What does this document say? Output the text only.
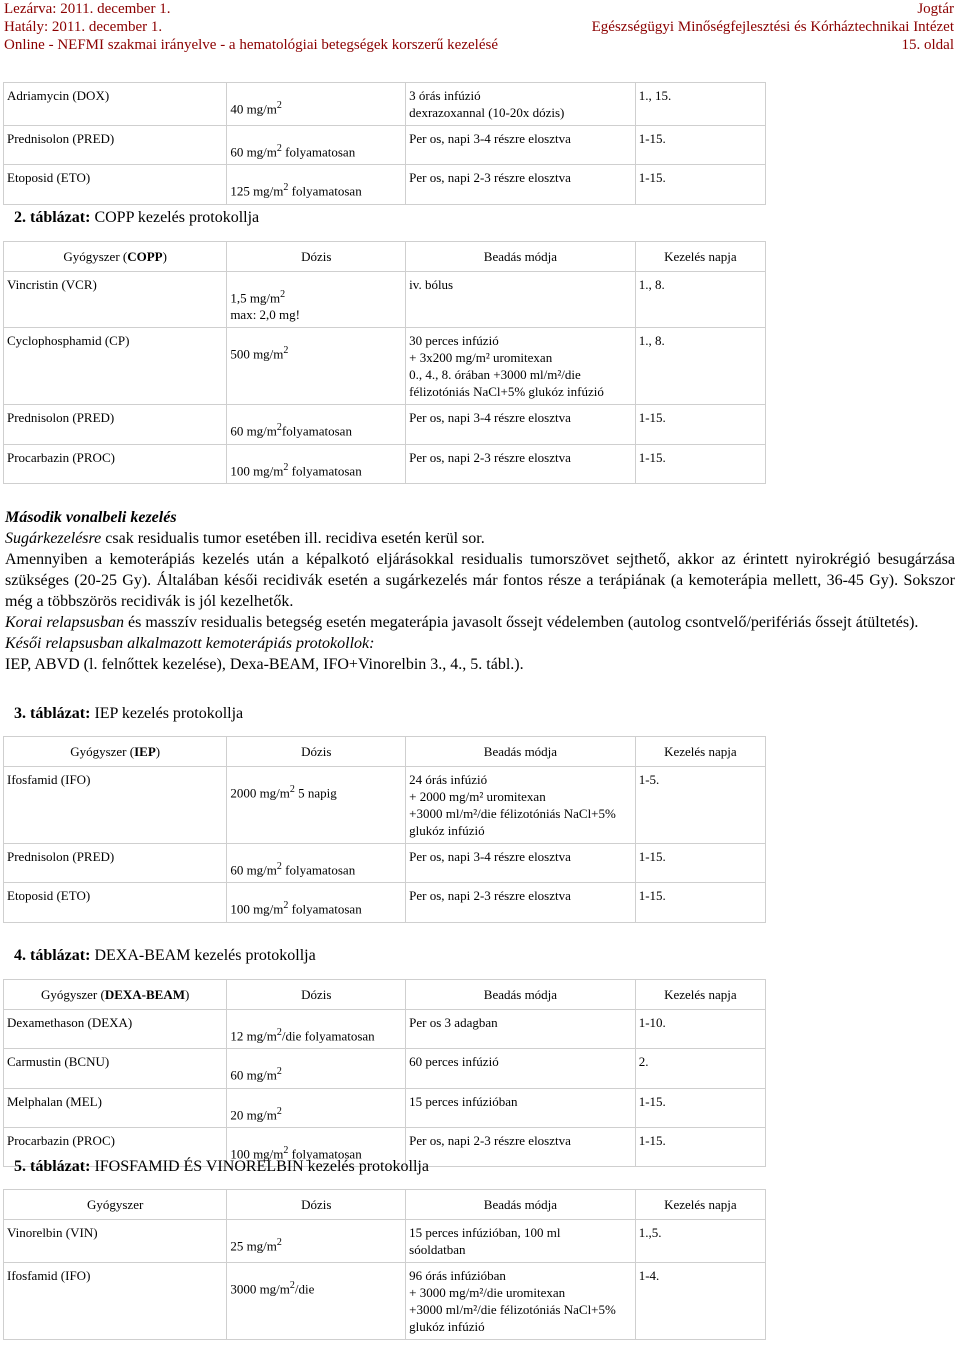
Lezárva: 2011. december 1.
Hatály: 2011. december 1.
Online - NEFMI szakmai irányelve - a hematológiai betegségek korszerű kezelésé
Jogtár
Egészségügyi Minőségfejlesztési és Kórháztechnikai Intézet
15. oldal
Adriamycin (DOX)	40 $mg/m^2$	3 órás infúzió
dexrazoxannal (10-20x dózis)	1., 15.
Prednisolon (PRED)	60 $mg/m^2$ folyamatosan	Per os, napi 3-4 részre elosztva	1-15.
Etoposid (ETO)	125 $mg/m^2$ folyamatosan	Per os, napi 2-3 részre elosztva	1-15.
2. táblázat: COPP kezelés protokollja
Gyógyszer (COPP)	Dózis	Beadás módja	Kezelés napja
Vincristin (VCR)	1,5 $mg/m^2$
max: 2,0 mg!	iv. bólus	1., 8.
Cyclophosphamid (CP)	500 $mg/m^2$	30 perces infúzió
+ 3x200 mg/m² uromitexan
0., 4., 8. órában +3000 ml/m²/die
félizotóniás NaCl+5% glukóz infúzió	1., 8.
Prednisolon (PRED)	60 $mg/m^2folyamatosan$	Per os, napi 3-4 részre elosztva	1-15.
Procarbazin (PROC)	100 $mg/m^2$ folyamatosan	Per os, napi 2-3 részre elosztva	1-15.

Második vonalbeli kezelés

Sugárkezelésre csak residualis tumor esetében ill. recidiva esetén kerül sor.

Amennyiben a kemoterápiás kezelés után a képalkotó eljárásokkal residualis tumorszövet sejthető, akkor az érintett nyirokrégió besugárzása szükséges (20-25 Gy). Általában késői recidivák esetén a sugárkezelés már fontos része a terápiának (a kemoterápia mellett, 36-45 Gy). Sokszor még a többszörös recidivák is jól kezelhetők.

Korai relapsusban és masszív residualis betegség esetén megaterápia javasolt őssejt védelemben (autolog csontvelő/perifériás őssejt átültetés).

Késői relapsusban alkalmazott kemoterápiás protokollok:

IEP, ABVD (l. felnőttek kezelése), Dexa-BEAM, IFO+Vinorelbin 3., 4., 5. tábl.).

3. táblázat: IEP kezelés protokollja
Gyógyszer (IEP)	Dózis	Beadás módja	Kezelés napja
Ifosfamid (IFO)	2000 $mg/m^2$ 5 napig	24 órás infúzió
+ 2000 mg/m² uromitexan
+3000 ml/m²/die félizotóniás NaCl+5%
glukóz infúzió	1-5.
Prednisolon (PRED)	60 $mg/m^2$ folyamatosan	Per os, napi 3-4 részre elosztva	1-15.
Etoposid (ETO)	100 $mg/m^2$ folyamatosan	Per os, napi 2-3 részre elosztva	1-15.
4. táblázat: DEXA-BEAM kezelés protokollja
Gyógyszer (DEXA-BEAM)	Dózis	Beadás módja	Kezelés napja
Dexamethason (DEXA)	12 $mg/m^2$/die folyamatosan	Per os 3 adagban	1-10.
Carmustin (BCNU)	60 $mg/m^2$	60 perces infúzió	2.
Melphalan (MEL)	20 $mg/m^2$	15 perces infúzióban	1-15.
Procarbazin (PROC)	100 $mg/m^2$ folyamatosan	Per os, napi 2-3 részre elosztva	1-15.
5. táblázat: IFOSFAMID ÉS VINORELBIN kezelés protokollja
Gyógyszer	Dózis	Beadás módja	Kezelés napja
Vinorelbin (VIN)	25 $mg/m^2$	15 perces infúzióban, 100 ml
sóoldatban	1.,5.
Ifosfamid (IFO)	3000 $mg/m^2$/die	96 órás infúzióban
+ 3000 mg/m²/die uromitexan
+3000 ml/m²/die félizotóniás NaCl+5%
glukóz infúzió	1-4.
